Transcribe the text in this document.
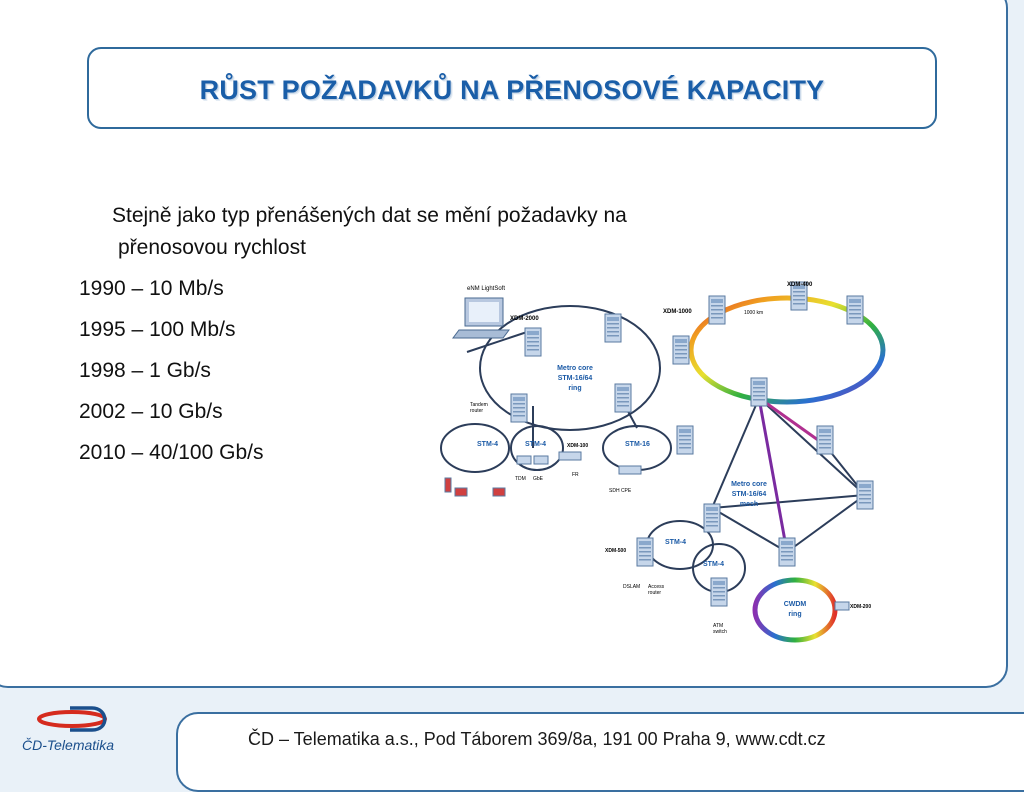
RŮST POŽADAVKŮ NA PŘENOSOVÉ KAPACITY
Stejně jako typ přenášených dat se mění požadavky na
přenosovou rychlost
1990 – 10 Mb/s
1995 – 100 Mb/s
1998 – 1 Gb/s
2002 – 10 Gb/s
2010 – 40/100 Gb/s
eNM LightSoft
XDM-2000
XDM-1000
XDM-400
1000 km
DWDM Regional ring/
mesh core
Metro core
STM-16/64
ring
Tandem
router
STM-4	STM-4	XDM-100	STM-16
TDM GbE
FR
SDH CPE
Metro core
STM-16/64
mesh
XDM-500
STM-4
STM-4
DSLAM Access
router
ATM
switch
CWDM
ring
XDM-200
ČD – Telematika a.s., Pod Táborem 369/8a, 191 00 Praha 9, www.cdt.cz
ČD-Telematika
